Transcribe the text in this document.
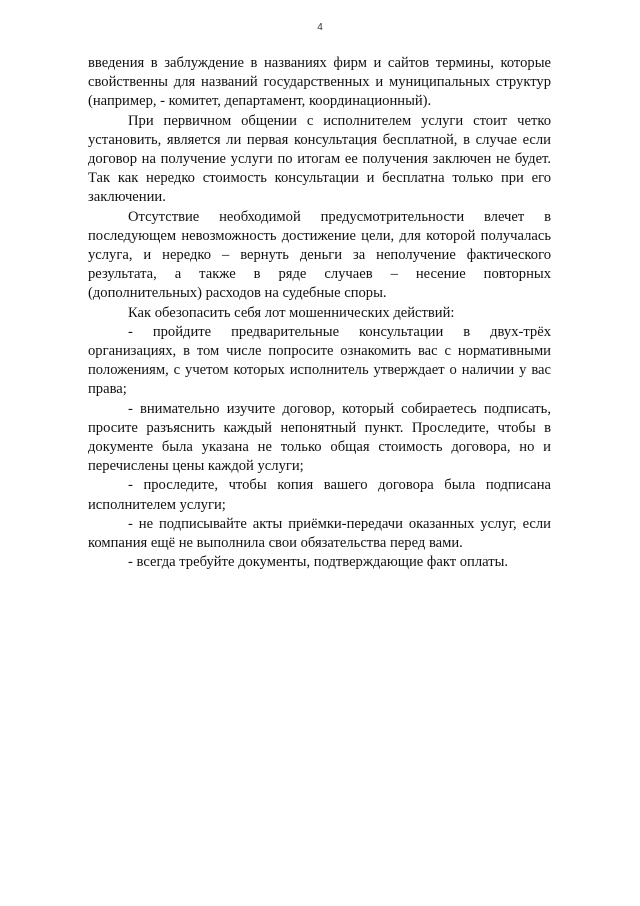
4

введения в заблуждение в названиях фирм и сайтов термины, которые свойственны для названий государственных и муниципальных структур (например, - комитет, департамент, координационный).

При первичном общении с исполнителем услуги стоит четко установить, является ли первая консультация бесплатной, в случае если договор на получение услуги по итогам ее получения заключен не будет. Так как нередко стоимость консультации и бесплатна только при его заключении.

Отсутствие необходимой предусмотрительности влечет в последующем невозможность достижение цели, для которой получалась услуга, и нередко – вернуть деньги за неполучение фактического результата, а также в ряде случаев – несение повторных (дополнительных) расходов на судебные споры.

Как обезопасить себя лот мошеннических действий:

- пройдите предварительные консультации в двух-трёх организациях, в том числе попросите ознакомить вас с нормативными положениям, с учетом которых исполнитель утверждает о наличии у вас права;

- внимательно изучите договор, который собираетесь подписать, просите разъяснить каждый непонятный пункт. Проследите, чтобы в документе была указана не только общая стоимость договора, но и перечислены цены каждой услуги;

- проследите, чтобы копия вашего договора была подписана исполнителем услуги;

- не подписывайте акты приёмки-передачи оказанных услуг, если компания ещё не выполнила свои обязательства перед вами.

- всегда требуйте документы, подтверждающие факт оплаты.
